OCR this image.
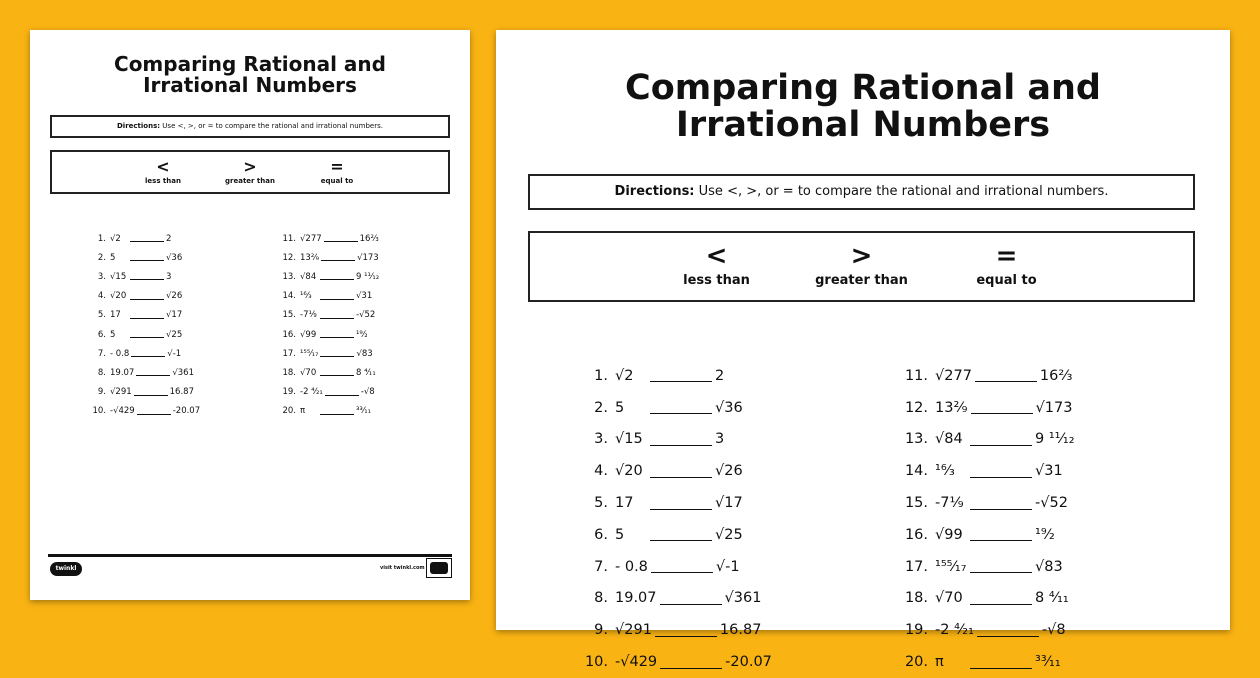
Comparing Rational and
Irrational Numbers
Directions: Use <, >, or = to compare the rational and irrational numbers.
<
less than
>
greater than
=
equal to
1. √2	2
2. 5	√36
3. √15	3
4. √20	√26
5. 17	√17
6. 5	√25
7. - 0.8	√-1
8. 19.07	√361
9. √291	16.87
10. -√429	-20.07
11. √277	16⅔
12. 13²⁄₉	√173
13. √84	9 ¹¹⁄₁₂
14. ¹⁶⁄₃	√31
15. -7⅑	-√52
16. √99	¹⁹⁄₂
17. ¹⁵⁵⁄₁₇	√83
18. √70	8 ⁴⁄₁₁
19. -2 ⁴⁄₂₁	-√8
20. π	³³⁄₁₁
twinkl	visit twinkl.com
Comparing Rational and
Irrational Numbers
Directions: Use <, >, or = to compare the rational and irrational numbers.
<
less than
>
greater than
=
equal to
1. √2	2
2. 5	√36
3. √15	3
4. √20	√26
5. 17	√17
6. 5	√25
7. - 0.8	√-1
8. 19.07	√361
9. √291	16.87
10. -√429	-20.07
11. √277	16⅔
12. 13²⁄₉	√173
13. √84	9 ¹¹⁄₁₂
14. ¹⁶⁄₃	√31
15. -7⅑	-√52
16. √99	¹⁹⁄₂
17. ¹⁵⁵⁄₁₇	√83
18. √70	8 ⁴⁄₁₁
19. -2 ⁴⁄₂₁	-√8
20. π	³³⁄₁₁
